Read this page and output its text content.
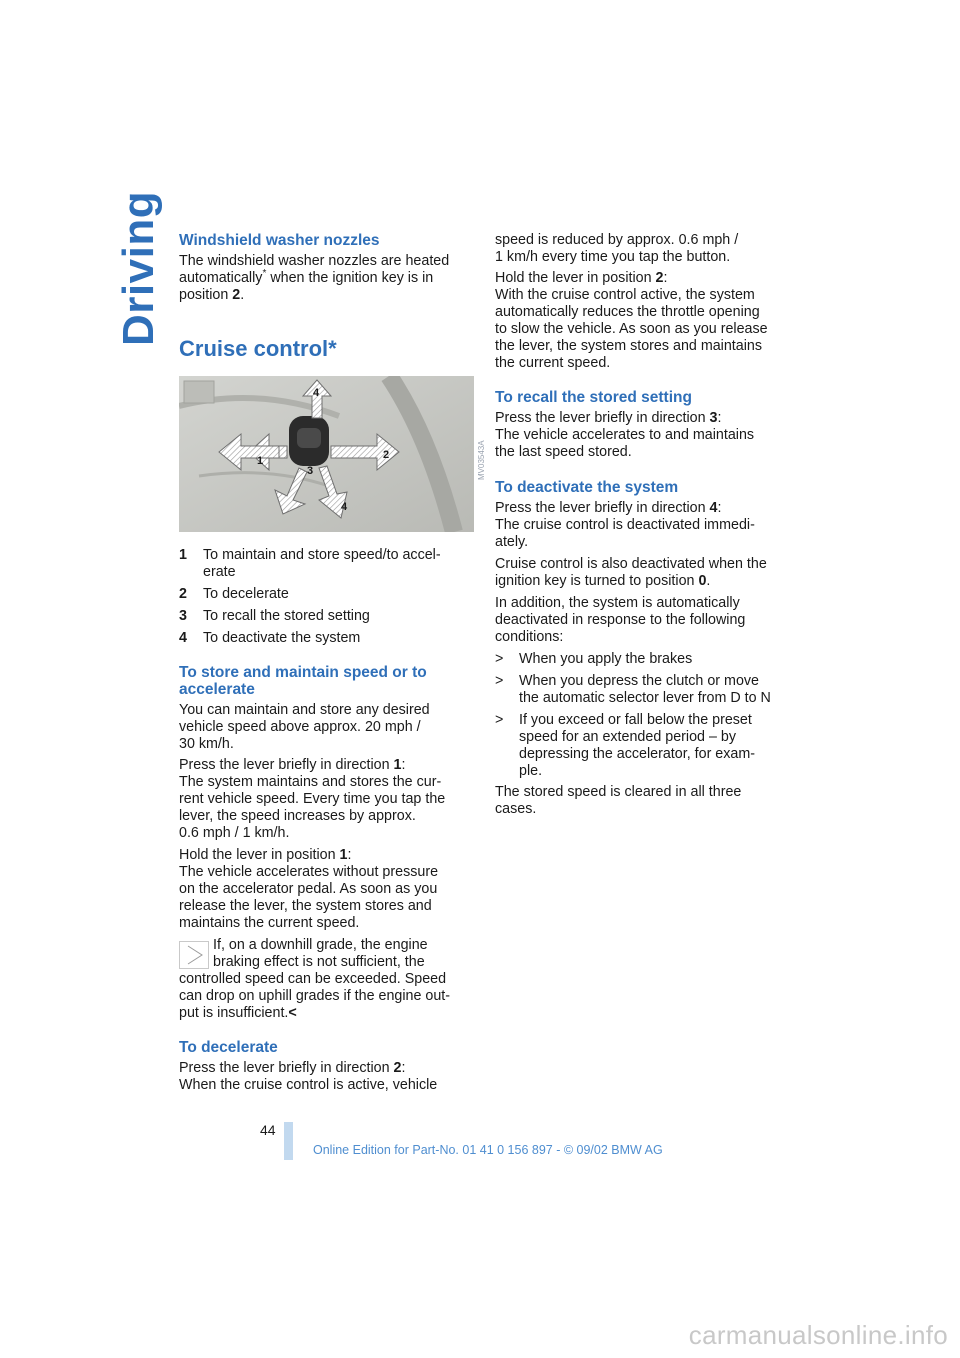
Driving Windshield washer nozzles

The windshield washer nozzles are heated

automatically* when the ignition key is in

position 2.

Cruise control*
1 To maintain and store speed/to accel-
erate
2 To decelerate
3 To recall the stored setting
4 To deactivate the system
To store and maintain speed or to
accelerate

You can maintain and store any desired
vehicle speed above approx. 20 mph /
30 km/h.

Press the lever briefly in direction 1:
The system maintains and stores the cur-
rent vehicle speed. Every time you tap the
lever, the speed increases by approx.
0.6 mph / 1 km/h.

Hold the lever in position 1:
The vehicle accelerates without pressure
on the accelerator pedal. As soon as you
release the lever, the system stores and
maintains the current speed.

If, on a downhill grade, the engine

braking effect is not sufficient, the

controlled speed can be exceeded. Speed

can drop on uphill grades if the engine out-

put is insufficient.<

To decelerate

Press the lever briefly in direction 2:
When the cruise control is active, vehicle

4
1	2
3
4
MV03543A

speed is reduced by approx. 0.6 mph /
1 km/h every time you tap the button.

Hold the lever in position 2:
With the cruise control active, the system
automatically reduces the throttle opening
to slow the vehicle. As soon as you release
the lever, the system stores and maintains
the current speed.

To recall the stored setting

Press the lever briefly in direction 3:
The vehicle accelerates to and maintains
the last speed stored.

To deactivate the system

Press the lever briefly in direction 4:
The cruise control is deactivated immedi-
ately.

Cruise control is also deactivated when the
ignition key is turned to position 0.

In addition, the system is automatically
deactivated in response to the following
conditions:

> When you apply the brakes
> When you depress the clutch or move
the automatic selector lever from D to N
> If you exceed or fall below the preset
speed for an extended period – by
depressing the accelerator, for exam-
ple.

The stored speed is cleared in all three
cases.

44
Online Edition for Part-No. 01 41 0 156 897 - © 09/02 BMW AG
carmanualsonline.info
